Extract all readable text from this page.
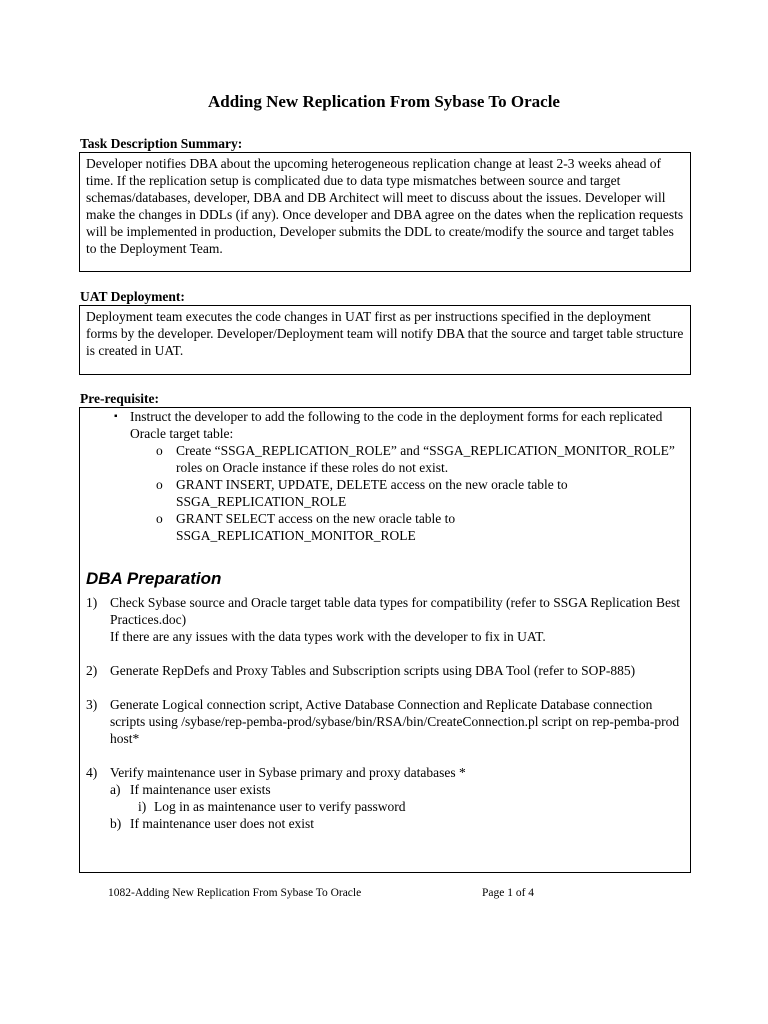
Adding New Replication From Sybase To Oracle
Task Description Summary:

Developer notifies DBA about the upcoming heterogeneous replication change at least 2-3 weeks ahead of time. If the replication setup is complicated due to data type mismatches between source and target schemas/databases, developer, DBA and DB Architect will meet to discuss about the issues. Developer will make the changes in DDLs (if any). Once developer and DBA agree on the dates when the replication requests will be implemented in production, Developer submits the DDL to create/modify the source and target tables to the Deployment Team.

UAT Deployment:

Deployment team executes the code changes in UAT first as per instructions specified in the deployment forms by the developer. Developer/Deployment team will notify DBA that the source and target table structure is created in UAT.

Pre-requisite:
▪ Instruct the developer to add the following to the code in the deployment forms for each replicated Oracle target table:
o Create “SSGA_REPLICATION_ROLE” and “SSGA_REPLICATION_MONITOR_ROLE” roles on Oracle instance if these roles do not exist.
o GRANT INSERT, UPDATE, DELETE access on the new oracle table to SSGA_REPLICATION_ROLE
o GRANT SELECT access on the new oracle table to SSGA_REPLICATION_MONITOR_ROLE
DBA Preparation
1) Check Sybase source and Oracle target table data types for compatibility (refer to SSGA Replication Best Practices.doc)
If there are any issues with the data types work with the developer to fix in UAT.
2) Generate RepDefs and Proxy Tables and Subscription scripts using DBA Tool (refer to SOP-885)
3) Generate Logical connection script, Active Database Connection and Replicate Database connection scripts using /sybase/rep-pemba-prod/sybase/bin/RSA/bin/CreateConnection.pl script on rep-pemba-prod host*
4) Verify maintenance user in Sybase primary and proxy databases *
a) If maintenance user exists
i) Log in as maintenance user to verify password
b) If maintenance user does not exist
1082-Adding New Replication From Sybase To Oracle	Page 1 of 4
